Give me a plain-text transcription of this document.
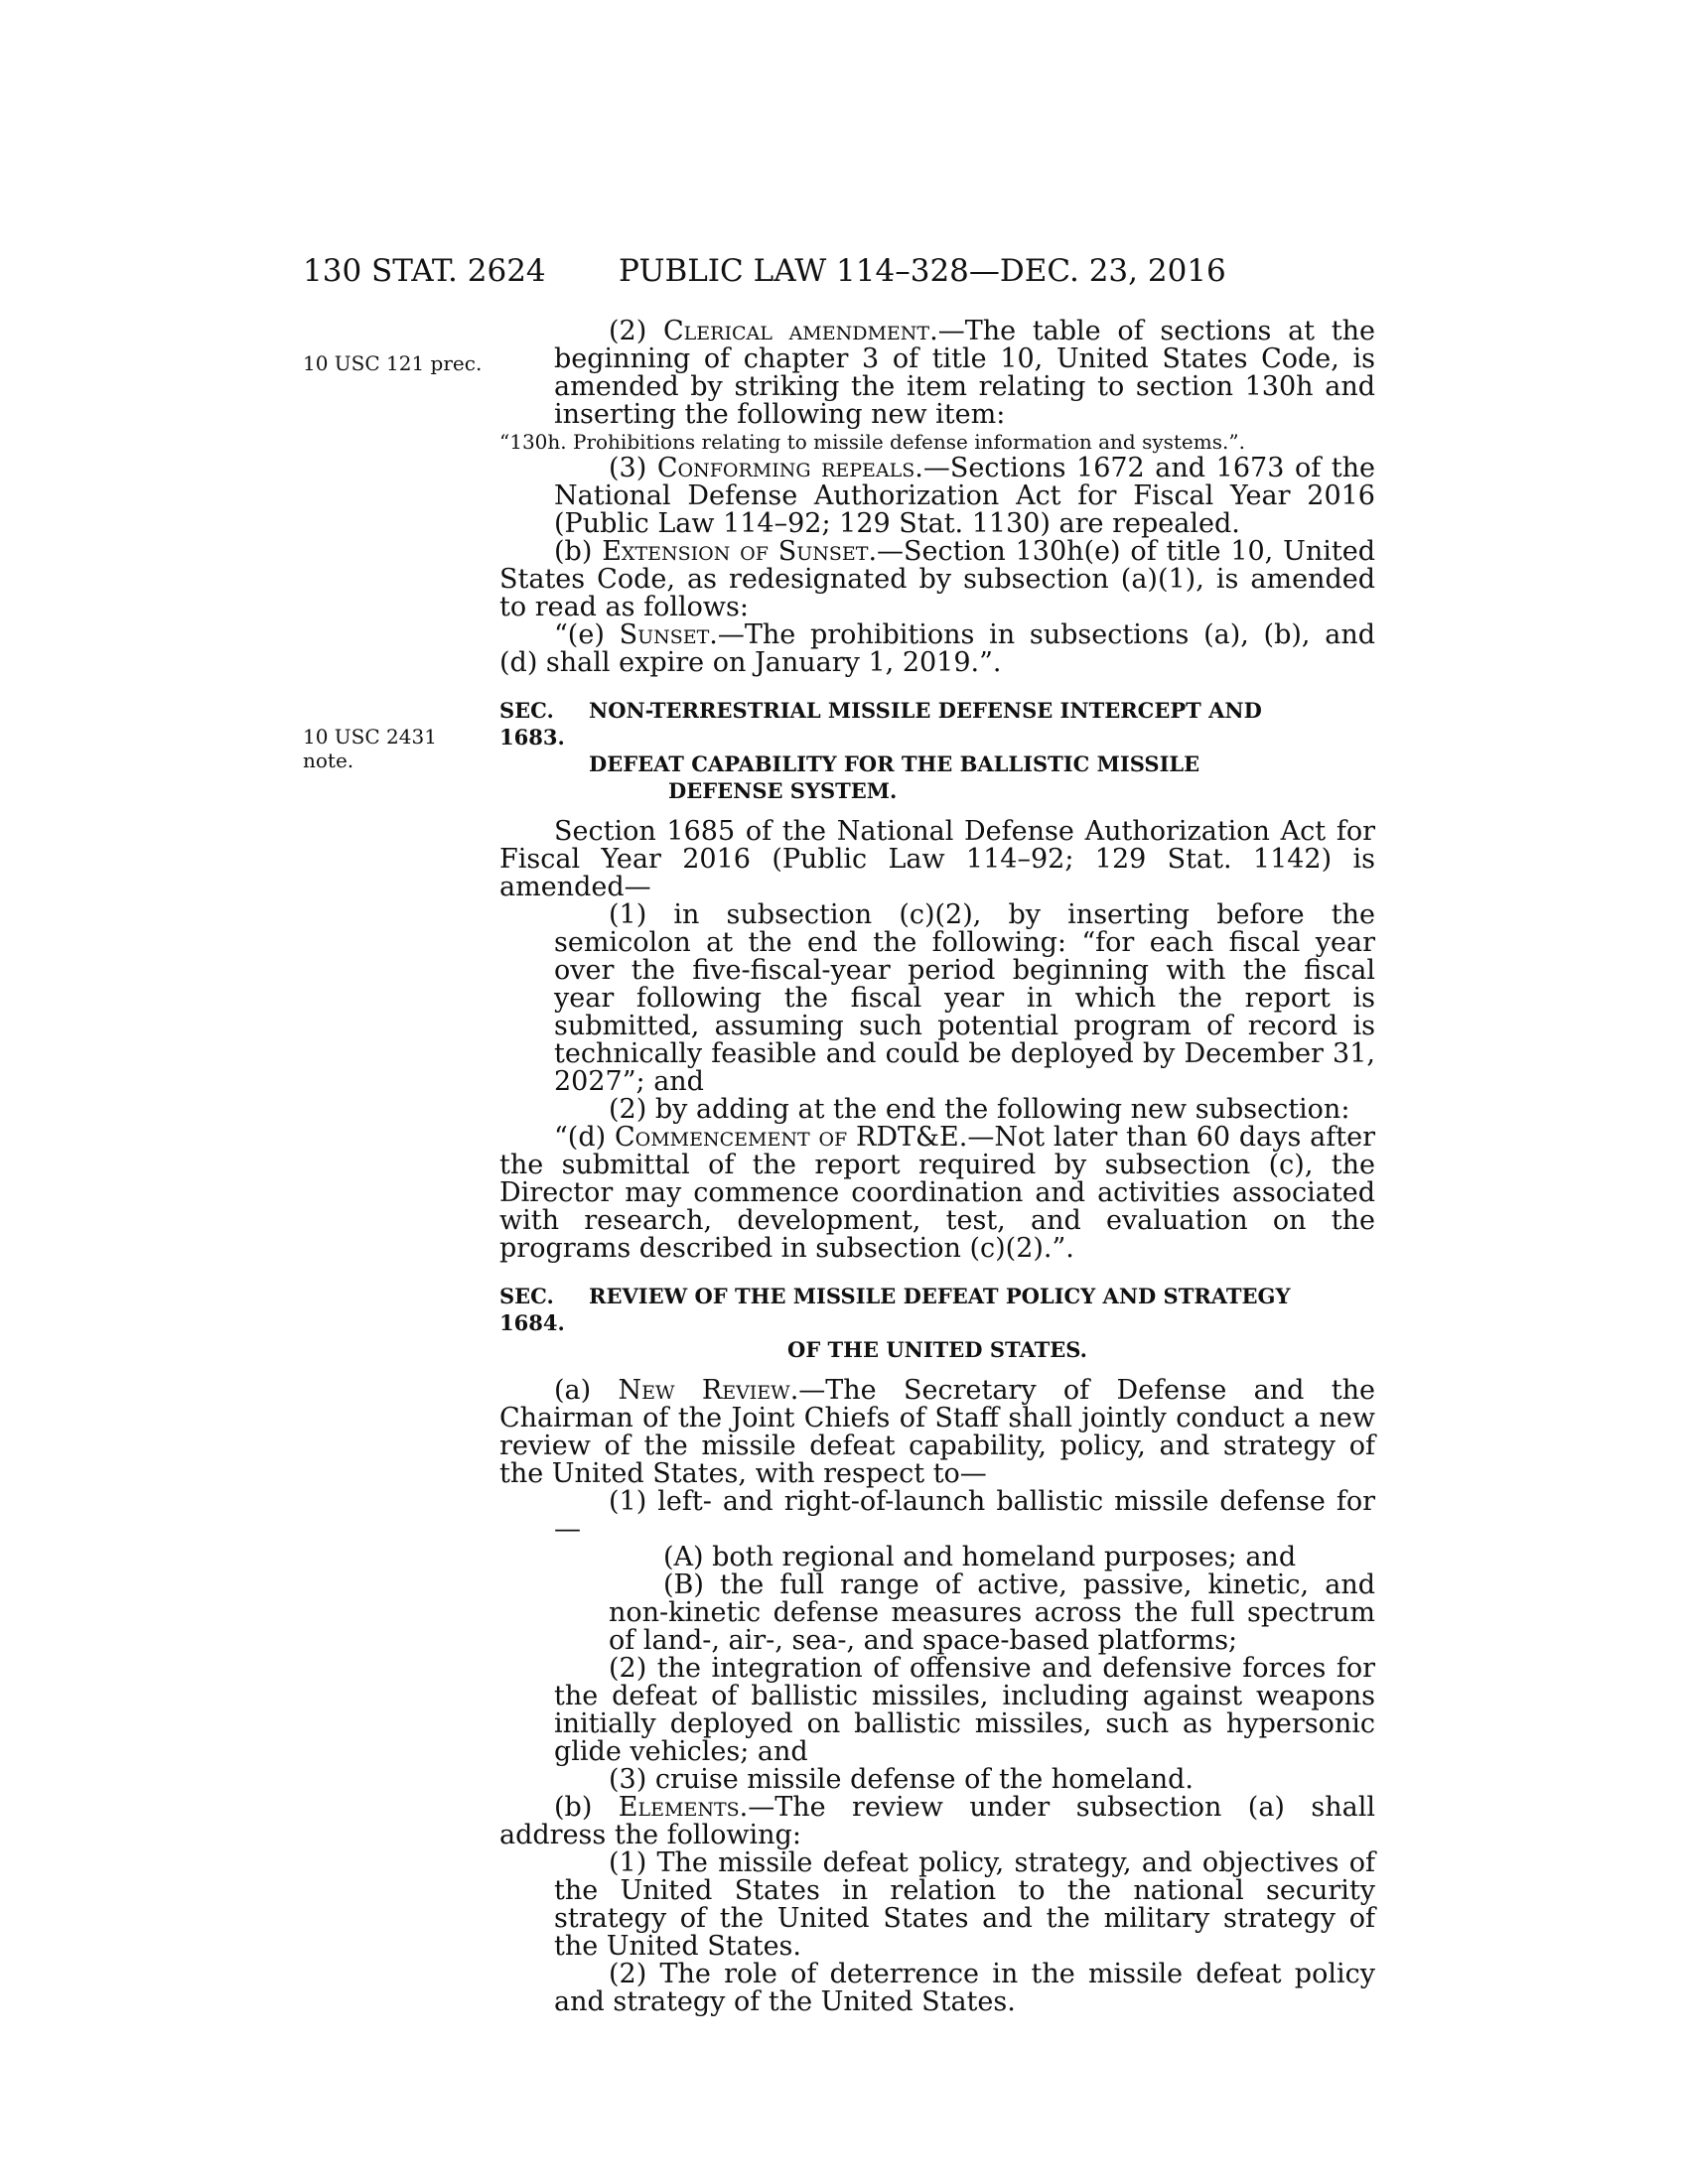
130 STAT. 2624 PUBLIC LAW 114–328—DEC. 23, 2016
10 USC 121 prec.
10 USC 2431
note.

(2) Clerical amendment.—The table of sections at the beginning of chapter 3 of title 10, United States Code, is amended by striking the item relating to section 130h and inserting the following new item:

“130h. Prohibitions relating to missile defense information and systems.”.

(3) Conforming repeals.—Sections 1672 and 1673 of the National Defense Authorization Act for Fiscal Year 2016 (Public Law 114–92; 129 Stat. 1130) are repealed.

(b) Extension of Sunset.—Section 130h(e) of title 10, United States Code, as redesignated by subsection (a)(1), is amended to read as follows:

“(e) Sunset.—The prohibitions in subsections (a), (b), and (d) shall expire on January 1, 2019.”.

SEC. 1683.
NON-TERRESTRIAL MISSILE DEFENSE INTERCEPT AND
DEFEAT CAPABILITY FOR THE BALLISTIC MISSILE
DEFENSE SYSTEM.

Section 1685 of the National Defense Authorization Act for Fiscal Year 2016 (Public Law 114–92; 129 Stat. 1142) is amended—

(1) in subsection (c)(2), by inserting before the semicolon at the end the following: “for each fiscal year over the five-fiscal-year period beginning with the fiscal year following the fiscal year in which the report is submitted, assuming such potential program of record is technically feasible and could be deployed by December 31, 2027”; and

(2) by adding at the end the following new subsection:

“(d) Commencement of RDT&E.—Not later than 60 days after the submittal of the report required by subsection (c), the Director may commence coordination and activities associated with research, development, test, and evaluation on the programs described in subsection (c)(2).”.

SEC. 1684.
REVIEW OF THE MISSILE DEFEAT POLICY AND STRATEGY
OF THE UNITED STATES.

(a) New Review.—The Secretary of Defense and the Chairman of the Joint Chiefs of Staff shall jointly conduct a new review of the missile defeat capability, policy, and strategy of the United States, with respect to—

(1) left- and right-of-launch ballistic missile defense for—

(A) both regional and homeland purposes; and

(B) the full range of active, passive, kinetic, and non-kinetic defense measures across the full spectrum of land-, air-, sea-, and space-based platforms;

(2) the integration of offensive and defensive forces for the defeat of ballistic missiles, including against weapons initially deployed on ballistic missiles, such as hypersonic glide vehicles; and

(3) cruise missile defense of the homeland.

(b) Elements.—The review under subsection (a) shall address the following:

(1) The missile defeat policy, strategy, and objectives of the United States in relation to the national security strategy of the United States and the military strategy of the United States.

(2) The role of deterrence in the missile defeat policy and strategy of the United States.
